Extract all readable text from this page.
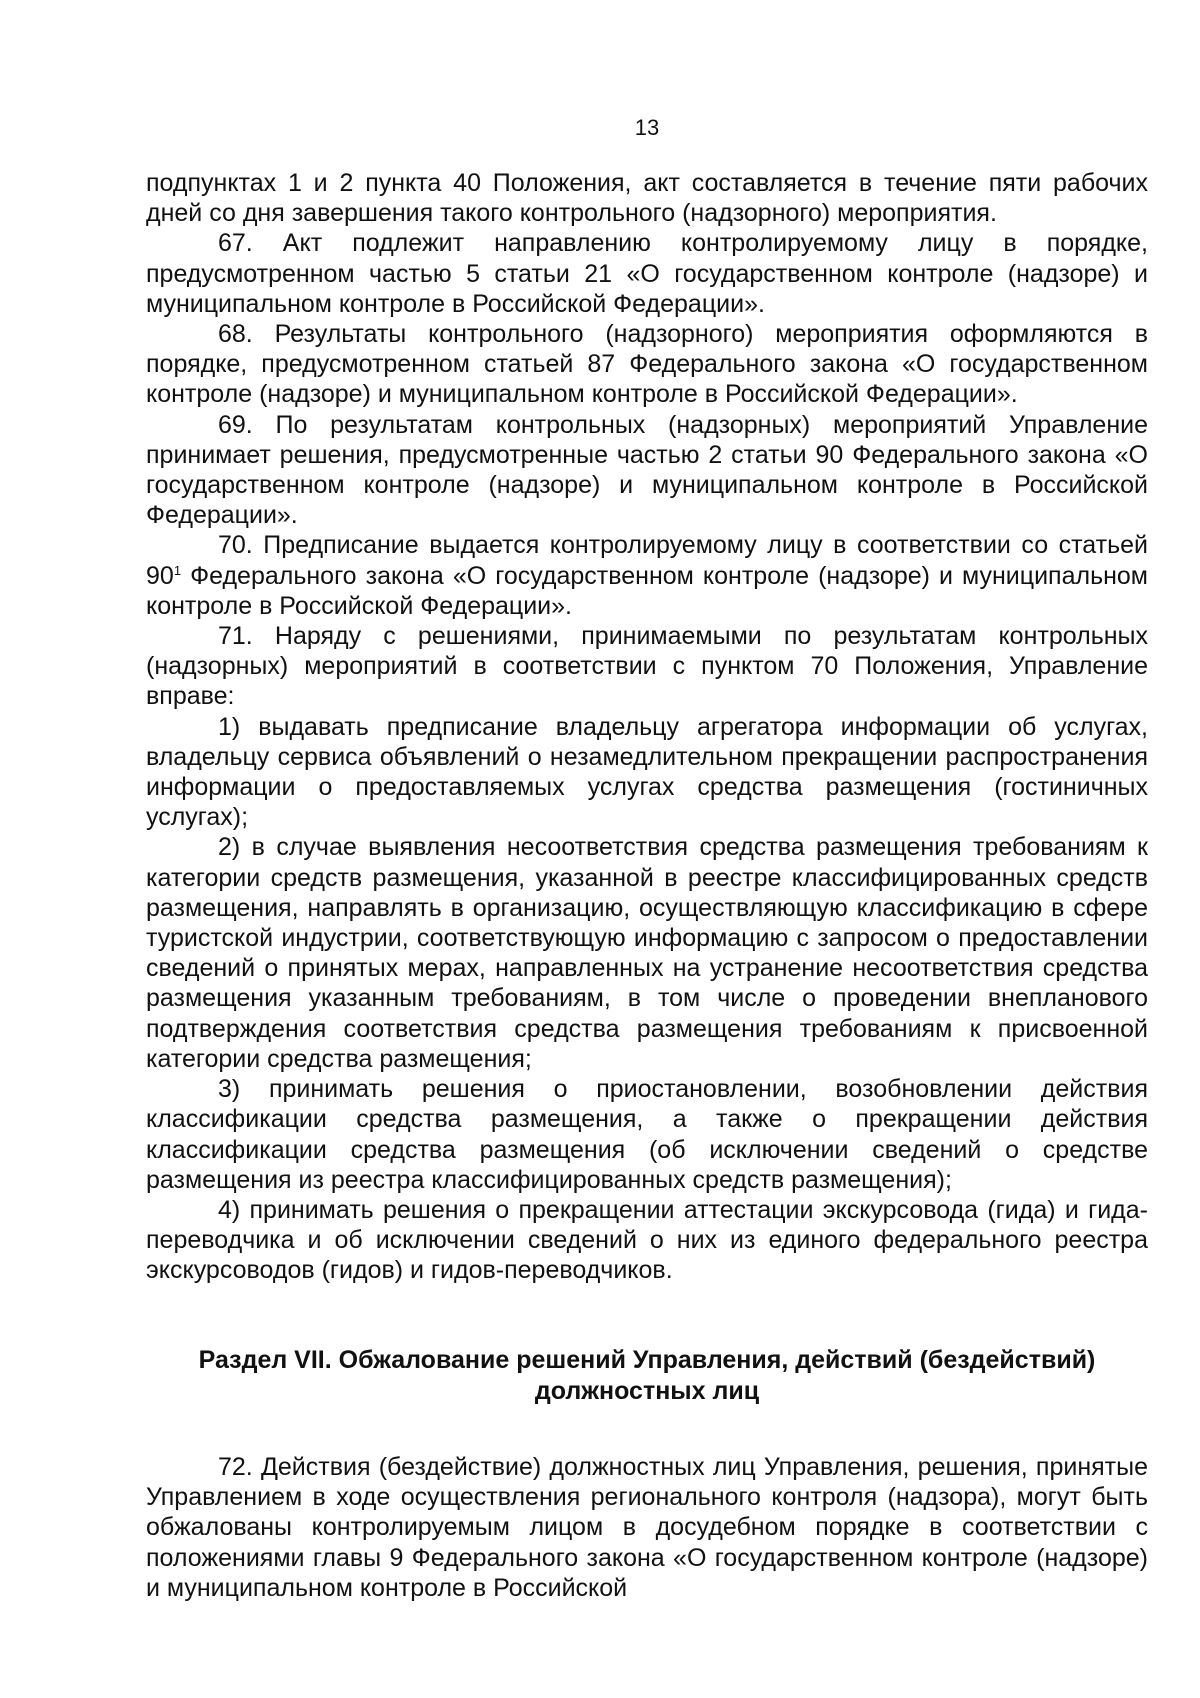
13

подпунктах 1 и 2 пункта 40 Положения, акт составляется в течение пяти рабочих дней со дня завершения такого контрольного (надзорного) мероприятия.

67. Акт подлежит направлению контролируемому лицу в порядке, предусмотренном частью 5 статьи 21 «О государственном контроле (надзоре) и муниципальном контроле в Российской Федерации».

68. Результаты контрольного (надзорного) мероприятия оформляются в порядке, предусмотренном статьей 87 Федерального закона «О государственном контроле (надзоре) и муниципальном контроле в Российской Федерации».

69. По результатам контрольных (надзорных) мероприятий Управление принимает решения, предусмотренные частью 2 статьи 90 Федерального закона «О государственном контроле (надзоре) и муниципальном контроле в Российской Федерации».

70. Предписание выдается контролируемому лицу в соответствии со статьей $90^1$ Федерального закона «О государственном контроле (надзоре) и муниципальном контроле в Российской Федерации».

71. Наряду с решениями, принимаемыми по результатам контрольных (надзорных) мероприятий в соответствии с пунктом 70 Положения, Управление вправе:

1) выдавать предписание владельцу агрегатора информации об услугах, владельцу сервиса объявлений о незамедлительном прекращении распространения информации о предоставляемых услугах средства размещения (гостиничных услугах);

2) в случае выявления несоответствия средства размещения требованиям к категории средств размещения, указанной в реестре классифицированных средств размещения, направлять в организацию, осуществляющую классификацию в сфере туристской индустрии, соответствующую информацию с запросом о предоставлении сведений о принятых мерах, направленных на устранение несоответствия средства размещения указанным требованиям, в том числе о проведении внепланового подтверждения соответствия средства размещения требованиям к присвоенной категории средства размещения;

3) принимать решения о приостановлении, возобновлении действия классификации средства размещения, а также о прекращении действия классификации средства размещения (об исключении сведений о средстве размещения из реестра классифицированных средств размещения);

4) принимать решения о прекращении аттестации экскурсовода (гида) и гида-переводчика и об исключении сведений о них из единого федерального реестра экскурсоводов (гидов) и гидов-переводчиков.

Раздел VII. Обжалование решений Управления, действий (бездействий)
должностных лиц

72. Действия (бездействие) должностных лиц Управления, решения, принятые Управлением в ходе осуществления регионального контроля (надзора), могут быть обжалованы контролируемым лицом в досудебном порядке в соответствии с положениями главы 9 Федерального закона «О государственном контроле (надзоре) и муниципальном контроле в Российской
